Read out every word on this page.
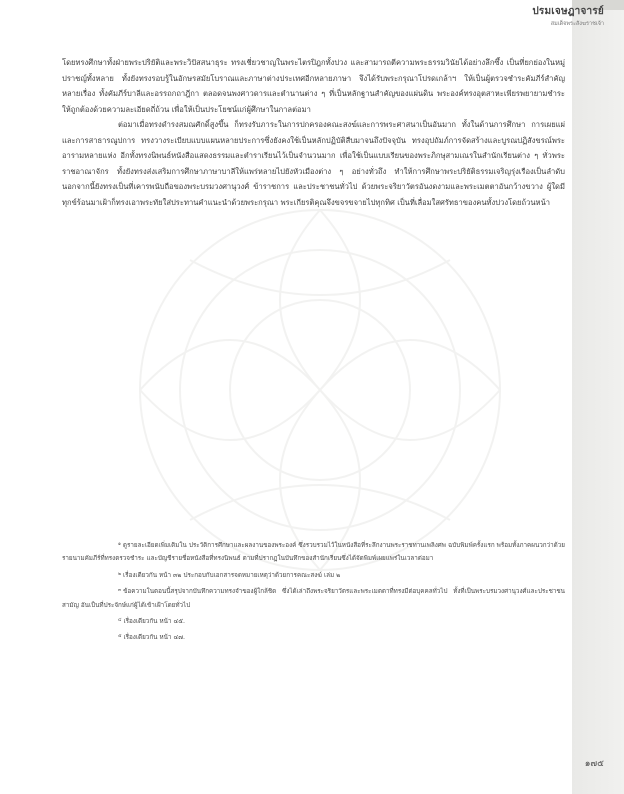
ปรมเจษฎาจารย์
สมเด็จพระสังฆราชเจ้า

โดยทรงศึกษาทั้งฝ่ายพระปริยัติและพระวิปัสสนาธุระ ทรงเชี่ยวชาญในพระไตรปิฎกทั้งปวง และสามารถตีความพระธรรมวินัยได้อย่างลึกซึ้ง เป็นที่ยกย่องในหมู่ปราชญ์ทั้งหลาย ทั้งยังทรงรอบรู้ในอักษรสมัยโบราณและภาษาต่างประเทศอีกหลายภาษา จึงได้รับพระกรุณาโปรดเกล้าฯ ให้เป็นผู้ตรวจชำระคัมภีร์สำคัญหลายเรื่อง ทั้งคัมภีร์บาลีและอรรถกถาฎีกา ตลอดจนพงศาวดารและตำนานต่าง ๆ ที่เป็นหลักฐานสำคัญของแผ่นดิน พระองค์ทรงอุตสาหะเพียรพยายามชำระให้ถูกต้องด้วยความละเอียดถี่ถ้วน เพื่อให้เป็นประโยชน์แก่ผู้ศึกษาในกาลต่อมา

ต่อมาเมื่อทรงดำรงสมณศักดิ์สูงขึ้น ก็ทรงรับภาระในการปกครองคณะสงฆ์และการพระศาสนาเป็นอันมาก ทั้งในด้านการศึกษา การเผยแผ่ และการสาธารณูปการ ทรงวางระเบียบแบบแผนหลายประการซึ่งยังคงใช้เป็นหลักปฏิบัติสืบมาจนถึงปัจจุบัน ทรงอุปถัมภ์การจัดสร้างและบูรณปฏิสังขรณ์พระอารามหลายแห่ง อีกทั้งทรงนิพนธ์หนังสือแสดงธรรมและตำราเรียนไว้เป็นจำนวนมาก เพื่อใช้เป็นแบบเรียนของพระภิกษุสามเณรในสำนักเรียนต่าง ๆ ทั่วพระราชอาณาจักร ทั้งยังทรงส่งเสริมการศึกษาภาษาบาลีให้แพร่หลายไปยังหัวเมืองต่าง ๆ อย่างทั่วถึง ทำให้การศึกษาพระปริยัติธรรมเจริญรุ่งเรืองเป็นลำดับ นอกจากนี้ยังทรงเป็นที่เคารพนับถือของพระบรมวงศานุวงศ์ ข้าราชการ และประชาชนทั่วไป ด้วยพระจริยาวัตรอันงดงามและพระเมตตาอันกว้างขวาง ผู้ใดมีทุกข์ร้อนมาเฝ้าก็ทรงเอาพระทัยใส่ประทานคำแนะนำด้วยพระกรุณา พระเกียรติคุณจึงขจรขจายไปทุกทิศ เป็นที่เลื่อมใสศรัทธาของคนทั้งปวงโดยถ้วนหน้า

$^๑$ ดูรายละเอียดเพิ่มเติมใน ประวัติการศึกษาและผลงานของพระองค์ ซึ่งรวบรวมไว้ในหนังสือที่ระลึกงานพระราชทานเพลิงศพ ฉบับพิมพ์ครั้งแรก พร้อมทั้งภาคผนวกว่าด้วยรายนามคัมภีร์ที่ทรงตรวจชำระ และบัญชีรายชื่อหนังสือที่ทรงนิพนธ์ ตามที่ปรากฏในบันทึกของสำนักเรียนซึ่งได้จัดพิมพ์เผยแพร่ในเวลาต่อมา

$^๒$ เรื่องเดียวกัน หน้า ๓๒ ประกอบกับเอกสารจดหมายเหตุว่าด้วยการคณะสงฆ์ เล่ม ๒

$^๓$ ข้อความในตอนนี้สรุปจากบันทึกความทรงจำของผู้ใกล้ชิด ซึ่งได้เล่าถึงพระจริยาวัตรและพระเมตตาที่ทรงมีต่อบุคคลทั่วไป ทั้งที่เป็นพระบรมวงศานุวงศ์และประชาชนสามัญ อันเป็นที่ประจักษ์แก่ผู้ได้เข้าเฝ้าโดยทั่วไป

$^๔$ เรื่องเดียวกัน หน้า ๔๕.

$^๕$ เรื่องเดียวกัน หน้า ๔๗.

๑๗๕
